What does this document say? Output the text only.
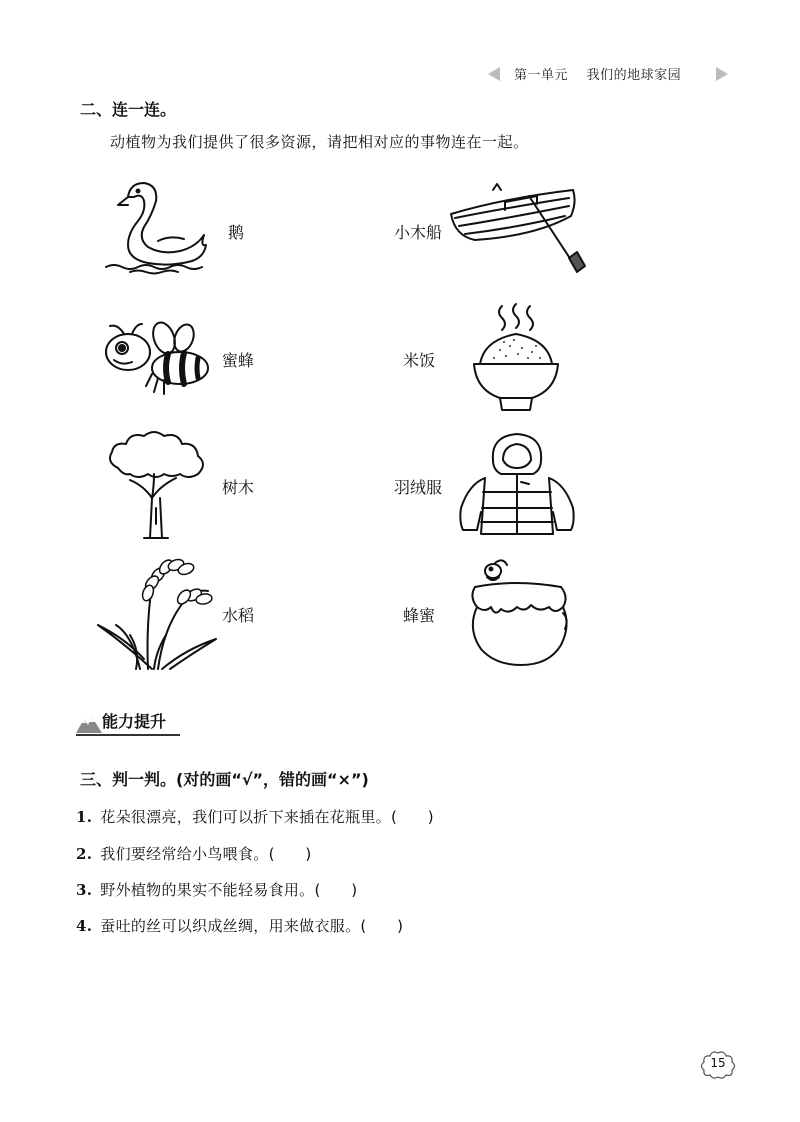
第一单元 我们的地球家园
二、连一连。
动植物为我们提供了很多资源，请把相对应的事物连在一起。
鹅	小木船
蜜蜂	米饭
树木	羽绒服
水稻	蜂蜜
能力提升
三、判一判。(对的画“√”，错的画“×”)
1. 花朵很漂亮，我们可以折下来插在花瓶里。(　　)
2. 我们要经常给小鸟喂食。(　　)
3. 野外植物的果实不能轻易食用。(　　)
4. 蚕吐的丝可以织成丝绸，用来做衣服。(　　)
15
